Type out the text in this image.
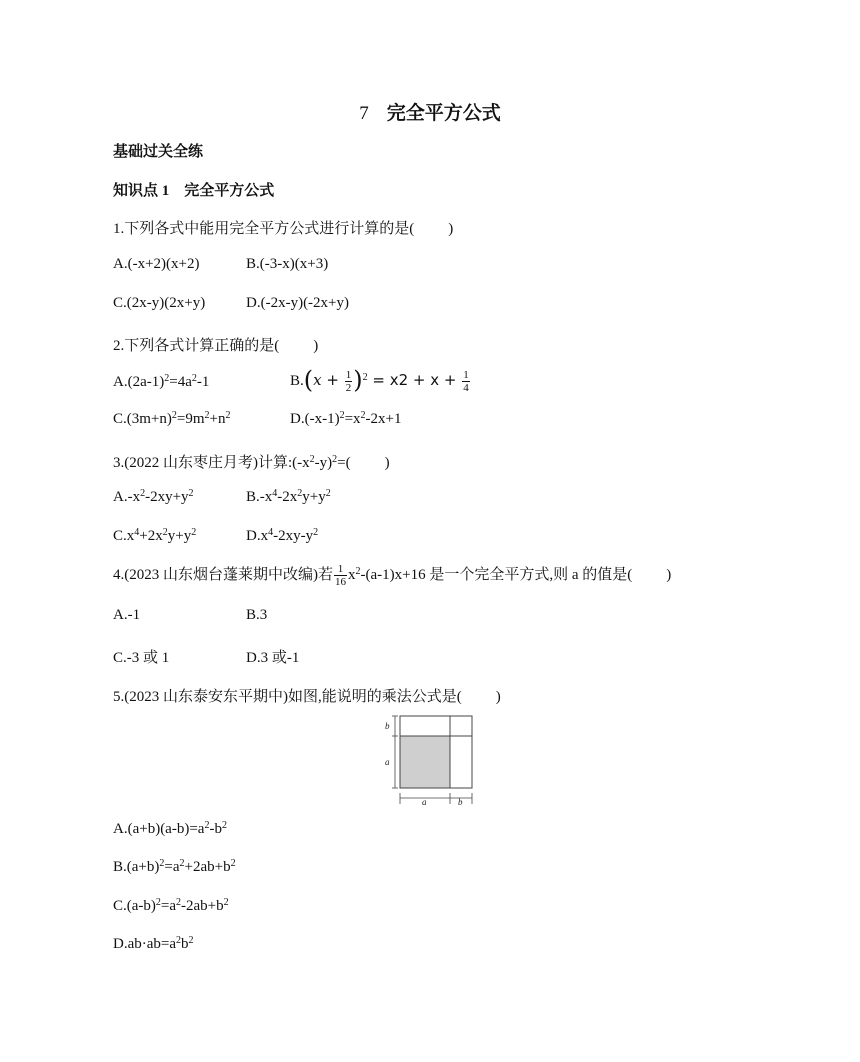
7 完全平方公式
基础过关全练
知识点 1　完全平方公式
1.下列各式中能用完全平方公式进行计算的是( )
A.(-x+2)(x+2)	B.(-3-x)(x+3)
C.(2x-y)(2x+y)	D.(-2x-y)(-2x+y)
2.下列各式计算正确的是( )
$A.(2a-1)^2=4a^2-1$	$B.(x + \frac{1}{2} )^2 = x2 + x + \frac{1}{4}$
$C.(3m+n)^2=9m^2+n^2$	$D.(-x-1)^2=x^2-2x+1$
3.(2022 山东枣庄月考)计算$:(-x^2-y)^2=$( )
$A.-x^2-2xy+y^2$	$B.-x^4-2x^2y+y^2$
$C.x^4+2x^2y+y^2$	$D.x^4-2xy-y^2$
4.(2023 山东烟台蓬莱期中改编)若 $\frac{1}{16} x^2-(a-1)x+16$ 是一个完全平方式,则 a 的值是( )
A.-1	B.3
C.-3 或 1	D.3 或-1
5.(2023 山东泰安东平期中)如图,能说明的乘法公式是( )
b
a
a	b
$A.(a+b)(a-b)=a^2-b^2$
$B.(a+b)^2=a^2+2ab+b^2$
$C.(a-b)^2=a^2-2ab+b^2$
$D.ab\cdot ab=a^2b^2$
